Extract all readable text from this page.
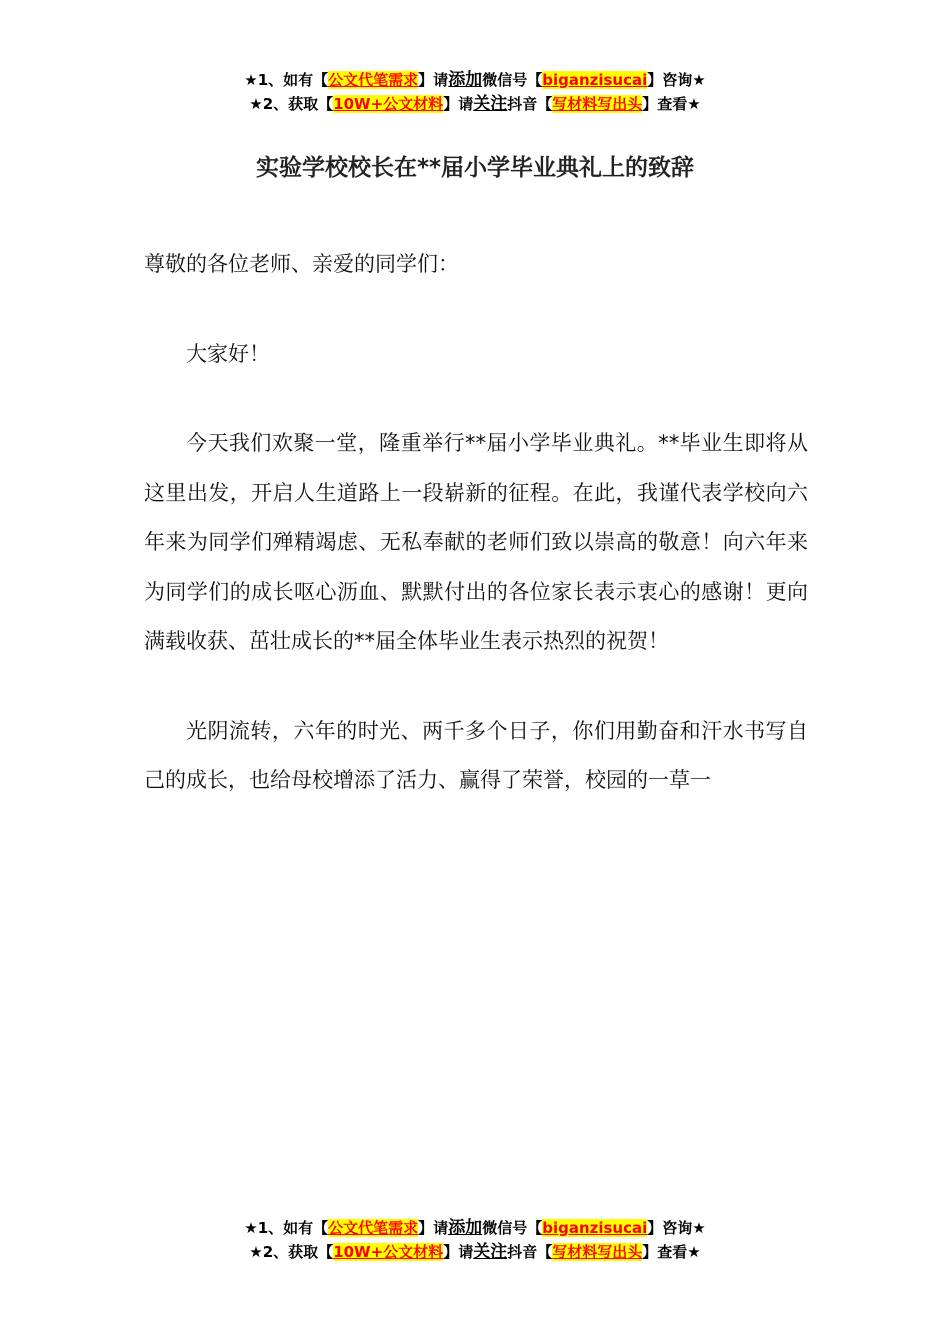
★1、如有【公文代笔需求】请添加微信号【biganzisucai】咨询★
★2、获取【10W+公文材料】请关注抖音【写材料写出头】查看★
实验学校校长在**届小学毕业典礼上的致辞

尊敬的各位老师、亲爱的同学们：

大家好！

今天我们欢聚一堂，隆重举行**届小学毕业典礼。**毕业生即将从这里出发，开启人生道路上一段崭新的征程。在此，我谨代表学校向六年来为同学们殚精竭虑、无私奉献的老师们致以崇高的敬意！向六年来为同学们的成长呕心沥血、默默付出的各位家长表示衷心的感谢！更向满载收获、茁壮成长的**届全体毕业生表示热烈的祝贺！

光阴流转，六年的时光、两千多个日子，你们用勤奋和汗水书写自己的成长，也给母校增添了活力、赢得了荣誉，校园的一草一

★1、如有【公文代笔需求】请添加微信号【biganzisucai】咨询★
★2、获取【10W+公文材料】请关注抖音【写材料写出头】查看★
